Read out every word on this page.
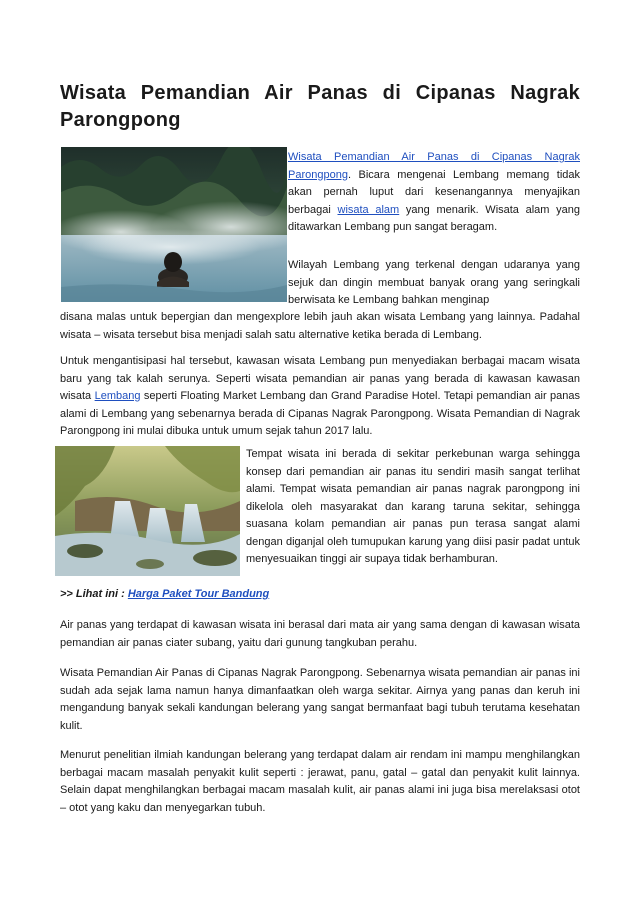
Wisata Pemandian Air Panas di Cipanas Nagrak Parongpong

Wisata Pemandian Air Panas di Cipanas Nagrak Parongpong. Bicara mengenai Lembang memang tidak akan pernah luput dari kesenangannya menyajikan berbagai wisata alam yang menarik. Wisata alam yang ditawarkan Lembang pun sangat beragam.

Wilayah Lembang yang terkenal dengan udaranya yang sejuk dan dingin membuat banyak orang yang seringkali berwisata ke Lembang bahkan menginap

disana malas untuk bepergian dan mengexplore lebih jauh akan wisata Lembang yang lainnya. Padahal wisata – wisata tersebut bisa menjadi salah satu alternative ketika berada di Lembang.

Untuk mengantisipasi hal tersebut, kawasan wisata Lembang pun menyediakan berbagai macam wisata baru yang tak kalah serunya. Seperti wisata pemandian air panas yang berada di kawasan kawasan wisata Lembang seperti Floating Market Lembang dan Grand Paradise Hotel. Tetapi pemandian air panas alami di Lembang yang sebenarnya berada di Cipanas Nagrak Parongpong. Wisata Pemandian di Nagrak Parongpong ini mulai dibuka untuk umum sejak tahun 2017 lalu.

Tempat wisata ini berada di sekitar perkebunan warga sehingga konsep dari pemandian air panas itu sendiri masih sangat terlihat alami. Tempat wisata pemandian air panas nagrak parongpong ini dikelola oleh masyarakat dan karang taruna sekitar, sehingga suasana kolam pemandian air panas pun terasa sangat alami dengan diganjal oleh tumupukan karung yang diisi pasir padat untuk menyesuaikan tinggi air supaya tidak berhamburan.

>> Lihat ini : Harga Paket Tour Bandung

Air panas yang terdapat di kawasan wisata ini berasal dari mata air yang sama dengan di kawasan wisata pemandian air panas ciater subang, yaitu dari gunung tangkuban perahu.

Wisata Pemandian Air Panas di Cipanas Nagrak Parongpong. Sebenarnya wisata pemandian air panas ini sudah ada sejak lama namun hanya dimanfaatkan oleh warga sekitar. Airnya yang panas dan keruh ini mengandung banyak sekali kandungan belerang yang sangat bermanfaat bagi tubuh terutama kesehatan kulit.

Menurut penelitian ilmiah kandungan belerang yang terdapat dalam air rendam ini mampu menghilangkan berbagai macam masalah penyakit kulit seperti : jerawat, panu, gatal – gatal dan penyakit kulit lainnya. Selain dapat menghilangkan berbagai macam masalah kulit, air panas alami ini juga bisa merelaksasi otot – otot yang kaku dan menyegarkan tubuh.
